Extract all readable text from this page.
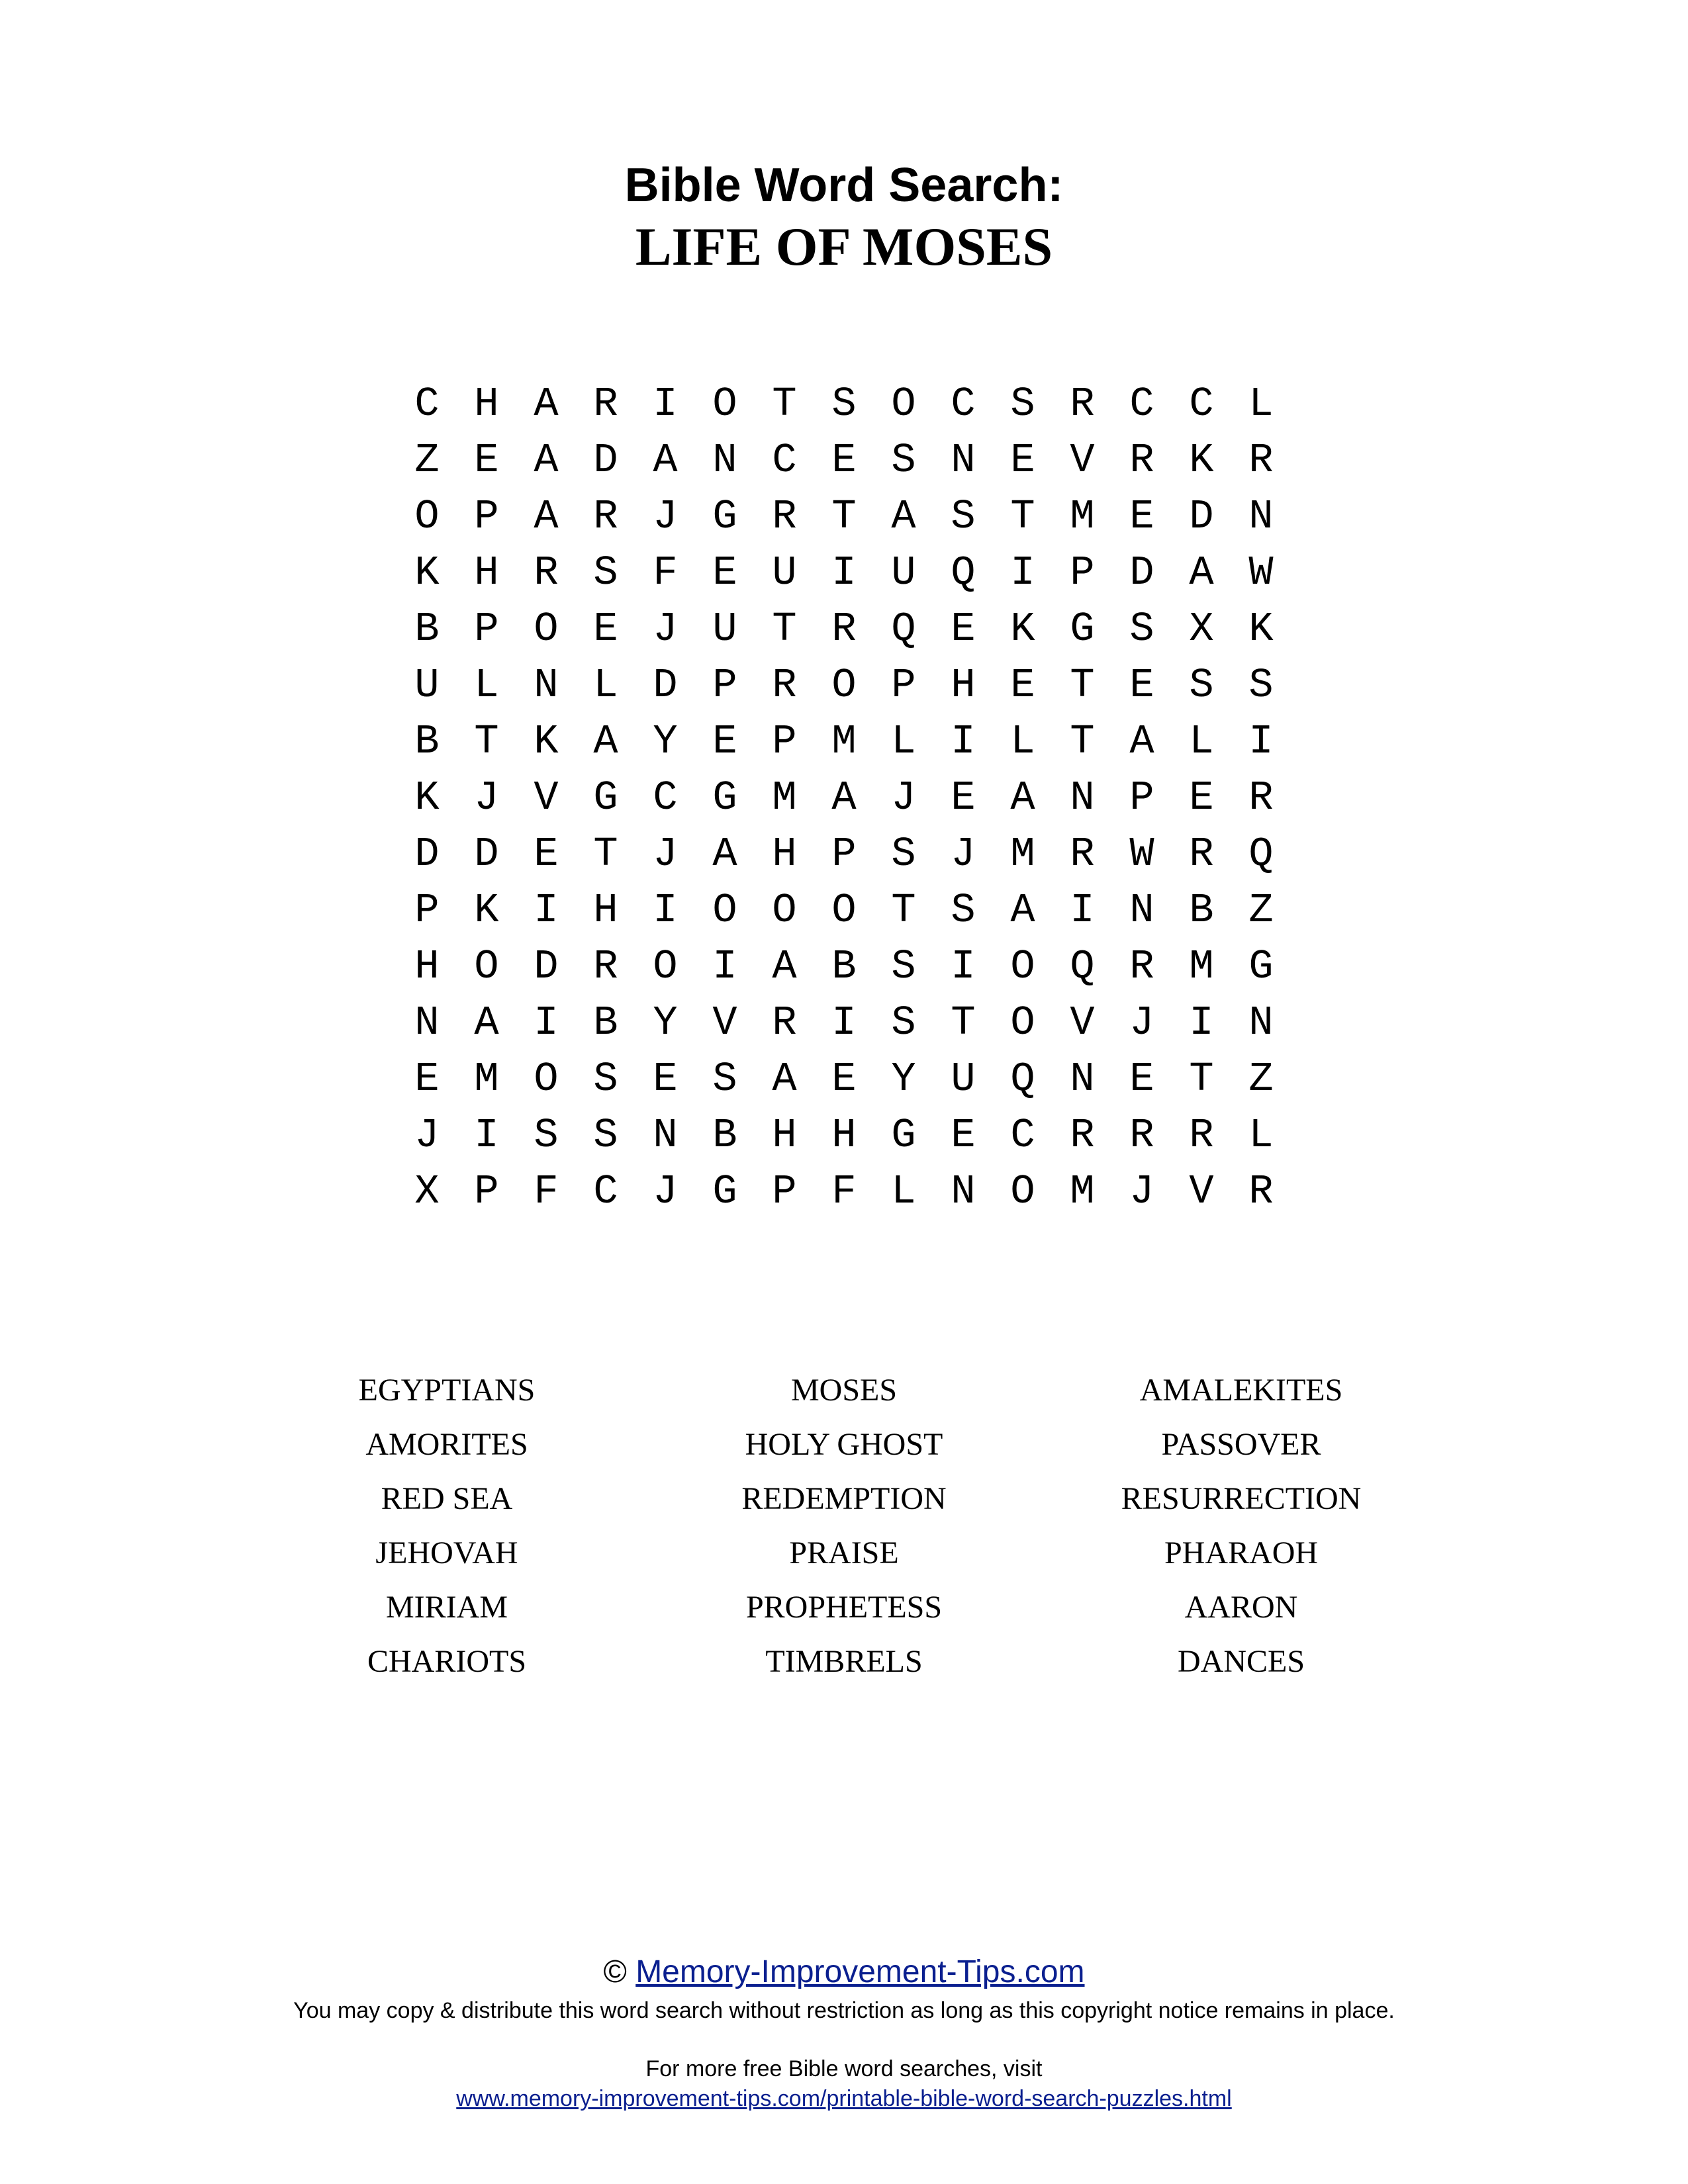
Bible Word Search:
LIFE OF MOSES
C H A R I O T S O C S R C C L
Z E A D A N C E S N E V R K R
O P A R J G R T A S T M E D N
K H R S F E U I U Q I P D A W
B P O E J U T R Q E K G S X K
U L N L D P R O P H E T E S S
B T K A Y E P M L I L T A L I
K J V G C G M A J E A N P E R
D D E T J A H P S J M R W R Q
P K I H I O O O T S A I N B Z
H O D R O I A B S I O Q R M G
N A I B Y V R I S T O V J I N
E M O S E S A E Y U Q N E T Z
J I S S N B H H G E C R R R L
X P F C J G P F L N O M J V R
EGYPTIANS
AMORITES
RED SEA
JEHOVAH
MIRIAM
CHARIOTS
MOSES
HOLY GHOST
REDEMPTION
PRAISE
PROPHETESS
TIMBRELS
AMALEKITES
PASSOVER
RESURRECTION
PHARAOH
AARON
DANCES
© Memory-Improvement-Tips.com
You may copy & distribute this word search without restriction as long as this copyright notice remains in place.
For more free Bible word searches, visit
www.memory-improvement-tips.com/printable-bible-word-search-puzzles.html
